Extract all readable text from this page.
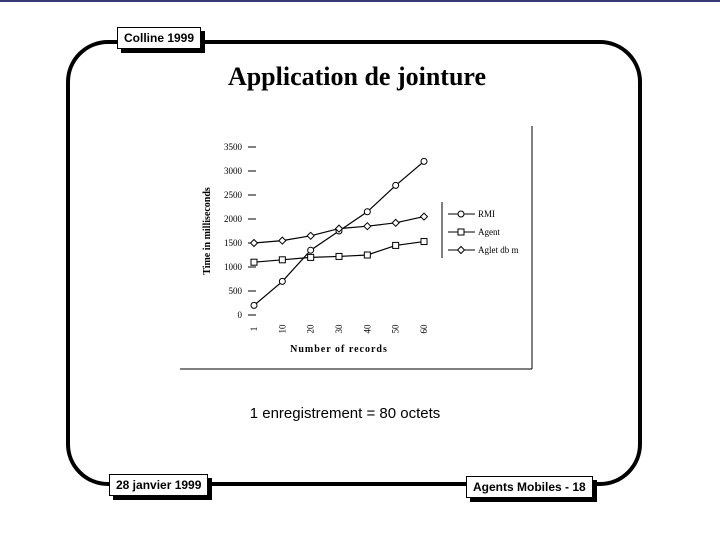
Colline 1999
Application de jointure
0
500
1000
1500
2000
2500
3000
3500
1 10 20 30 40 50 60
Number of records
Time in milliseconds	RMI
Agent
Aglet db m
1 enregistrement = 80 octets
28 janvier 1999	Agents Mobiles - 18
